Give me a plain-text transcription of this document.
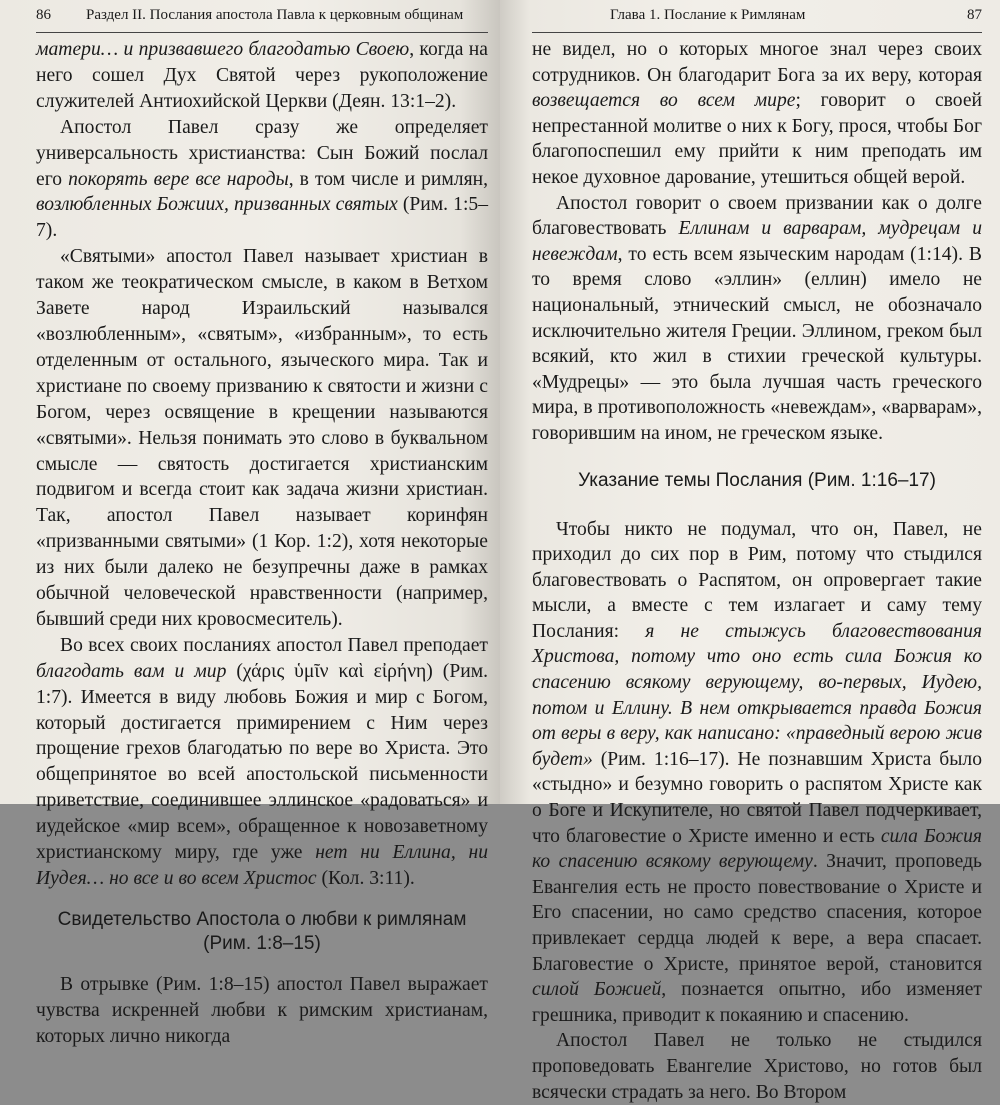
86 Раздел II. Послания апостола Павла к церковным общинам

матери… и призвавшего благодатью Своею, когда на него сошел Дух Святой через рукоположение служителей Антиохийской Церкви (Деян. 13:1–2).

Апостол Павел сразу же определяет универсальность христианства: Сын Божий послал его покорять вере все народы, в том числе и римлян, возлюбленных Божиих, призванных святых (Рим. 1:5–7).

«Святыми» апостол Павел называет христиан в таком же теократическом смысле, в каком в Ветхом Завете народ Израильский назывался «возлюбленным», «святым», «избранным», то есть отделенным от остального, языческого мира. Так и христиане по своему призванию к святости и жизни с Богом, через освящение в крещении называются «святыми». Нельзя понимать это слово в буквальном смысле — святость достигается христианским подвигом и всегда стоит как задача жизни христиан. Так, апостол Павел называет коринфян «призванными святыми» (1 Кор. 1:2), хотя некоторые из них были далеко не безупречны даже в рамках обычной человеческой нравственности (например, бывший среди них кровосмеситель).

Во всех своих посланиях апостол Павел преподает благодать вам и мир (χάρις ὑμῖν καὶ εἰρήνη) (Рим. 1:7). Имеется в виду любовь Божия и мир с Богом, который достигается примирением с Ним через прощение грехов благодатью по вере во Христа. Это общепринятое во всей апостольской письменности приветствие, соединившее эллинское «радоваться» и иудейское «мир всем», обращенное к новозаветному христианскому миру, где уже нет ни Еллина, ни Иудея… но все и во всем Христос (Кол. 3:11).

Свидетельство Апостола о любви к римлянам
(Рим. 1:8–15)

В отрывке (Рим. 1:8–15) апостол Павел выражает чувства искренней любви к римским христианам, которых лично никогда

Глава 1. Послание к Римлянам	87

не видел, но о которых многое знал через своих сотрудников. Он благодарит Бога за их веру, которая возвещается во всем мире; говорит о своей непрестанной молитве о них к Богу, прося, чтобы Бог благопоспешил ему прийти к ним преподать им некое духовное дарование, утешиться общей верой.

Апостол говорит о своем призвании как о долге благовествовать Еллинам и варварам, мудрецам и невеждам, то есть всем языческим народам (1:14). В то время слово «эллин» (еллин) имело не национальный, этнический смысл, не обозначало исключительно жителя Греции. Эллином, греком был всякий, кто жил в стихии греческой культуры. «Мудрецы» — это была лучшая часть греческого мира, в противоположность «невеждам», «варварам», говорившим на ином, не греческом языке.

Указание темы Послания (Рим. 1:16–17)

Чтобы никто не подумал, что он, Павел, не приходил до сих пор в Рим, потому что стыдился благовествовать о Распятом, он опровергает такие мысли, а вместе с тем излагает и саму тему Послания: я не стыжусь благовествования Христова, потому что оно есть сила Божия ко спасению всякому верующему, во-первых, Иудею, потом и Еллину. В нем открывается правда Божия от веры в веру, как написано: «праведный верою жив будет» (Рим. 1:16–17). Не познавшим Христа было «стыдно» и безумно говорить о распятом Христе как о Боге и Искупителе, но святой Павел подчеркивает, что благовестие о Христе именно и есть сила Божия ко спасению всякому верующему. Значит, проповедь Евангелия есть не просто повествование о Христе и Его спасении, но само средство спасения, которое привлекает сердца людей к вере, а вера спасает. Благовестие о Христе, принятое верой, становится силой Божией, познается опытно, ибо изменяет грешника, приводит к покаянию и спасению.

Апостол Павел не только не стыдился проповедовать Евангелие Христово, но готов был всячески страдать за него. Во Втором
